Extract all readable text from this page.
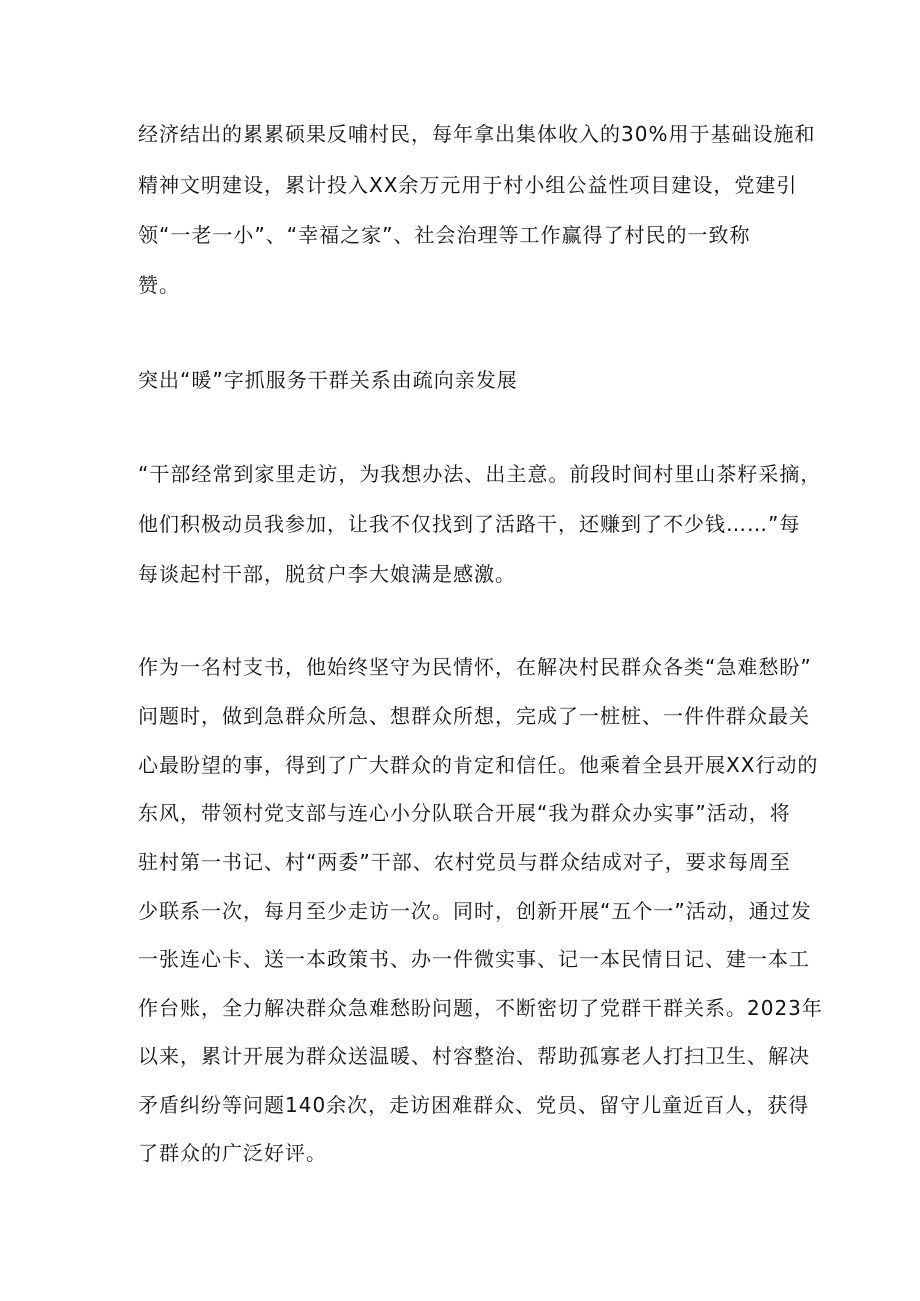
经济结出的累累硕果反哺村民，每年拿出集体收入的30%用于基础设施和
精神文明建设，累计投入XX余万元用于村小组公益性项目建设，党建引
领“一老一小”、“幸福之家”、社会治理等工作赢得了村民的一致称
赞。
突出“暖”字抓服务干群关系由疏向亲发展
“干部经常到家里走访，为我想办法、出主意。前段时间村里山茶籽采摘，
他们积极动员我参加，让我不仅找到了活路干，还赚到了不少钱……”每
每谈起村干部，脱贫户李大娘满是感激。
作为一名村支书，他始终坚守为民情怀，在解决村民群众各类“急难愁盼”
问题时，做到急群众所急、想群众所想，完成了一桩桩、一件件群众最关
心最盼望的事，得到了广大群众的肯定和信任。他乘着全县开展XX行动的
东风，带领村党支部与连心小分队联合开展“我为群众办实事”活动，将
驻村第一书记、村“两委”干部、农村党员与群众结成对子，要求每周至
少联系一次，每月至少走访一次。同时，创新开展“五个一”活动，通过发
一张连心卡、送一本政策书、办一件微实事、记一本民情日记、建一本工
作台账，全力解决群众急难愁盼问题，不断密切了党群干群关系。2023年
以来，累计开展为群众送温暖、村容整治、帮助孤寡老人打扫卫生、解决
矛盾纠纷等问题140余次，走访困难群众、党员、留守儿童近百人，获得
了群众的广泛好评。
